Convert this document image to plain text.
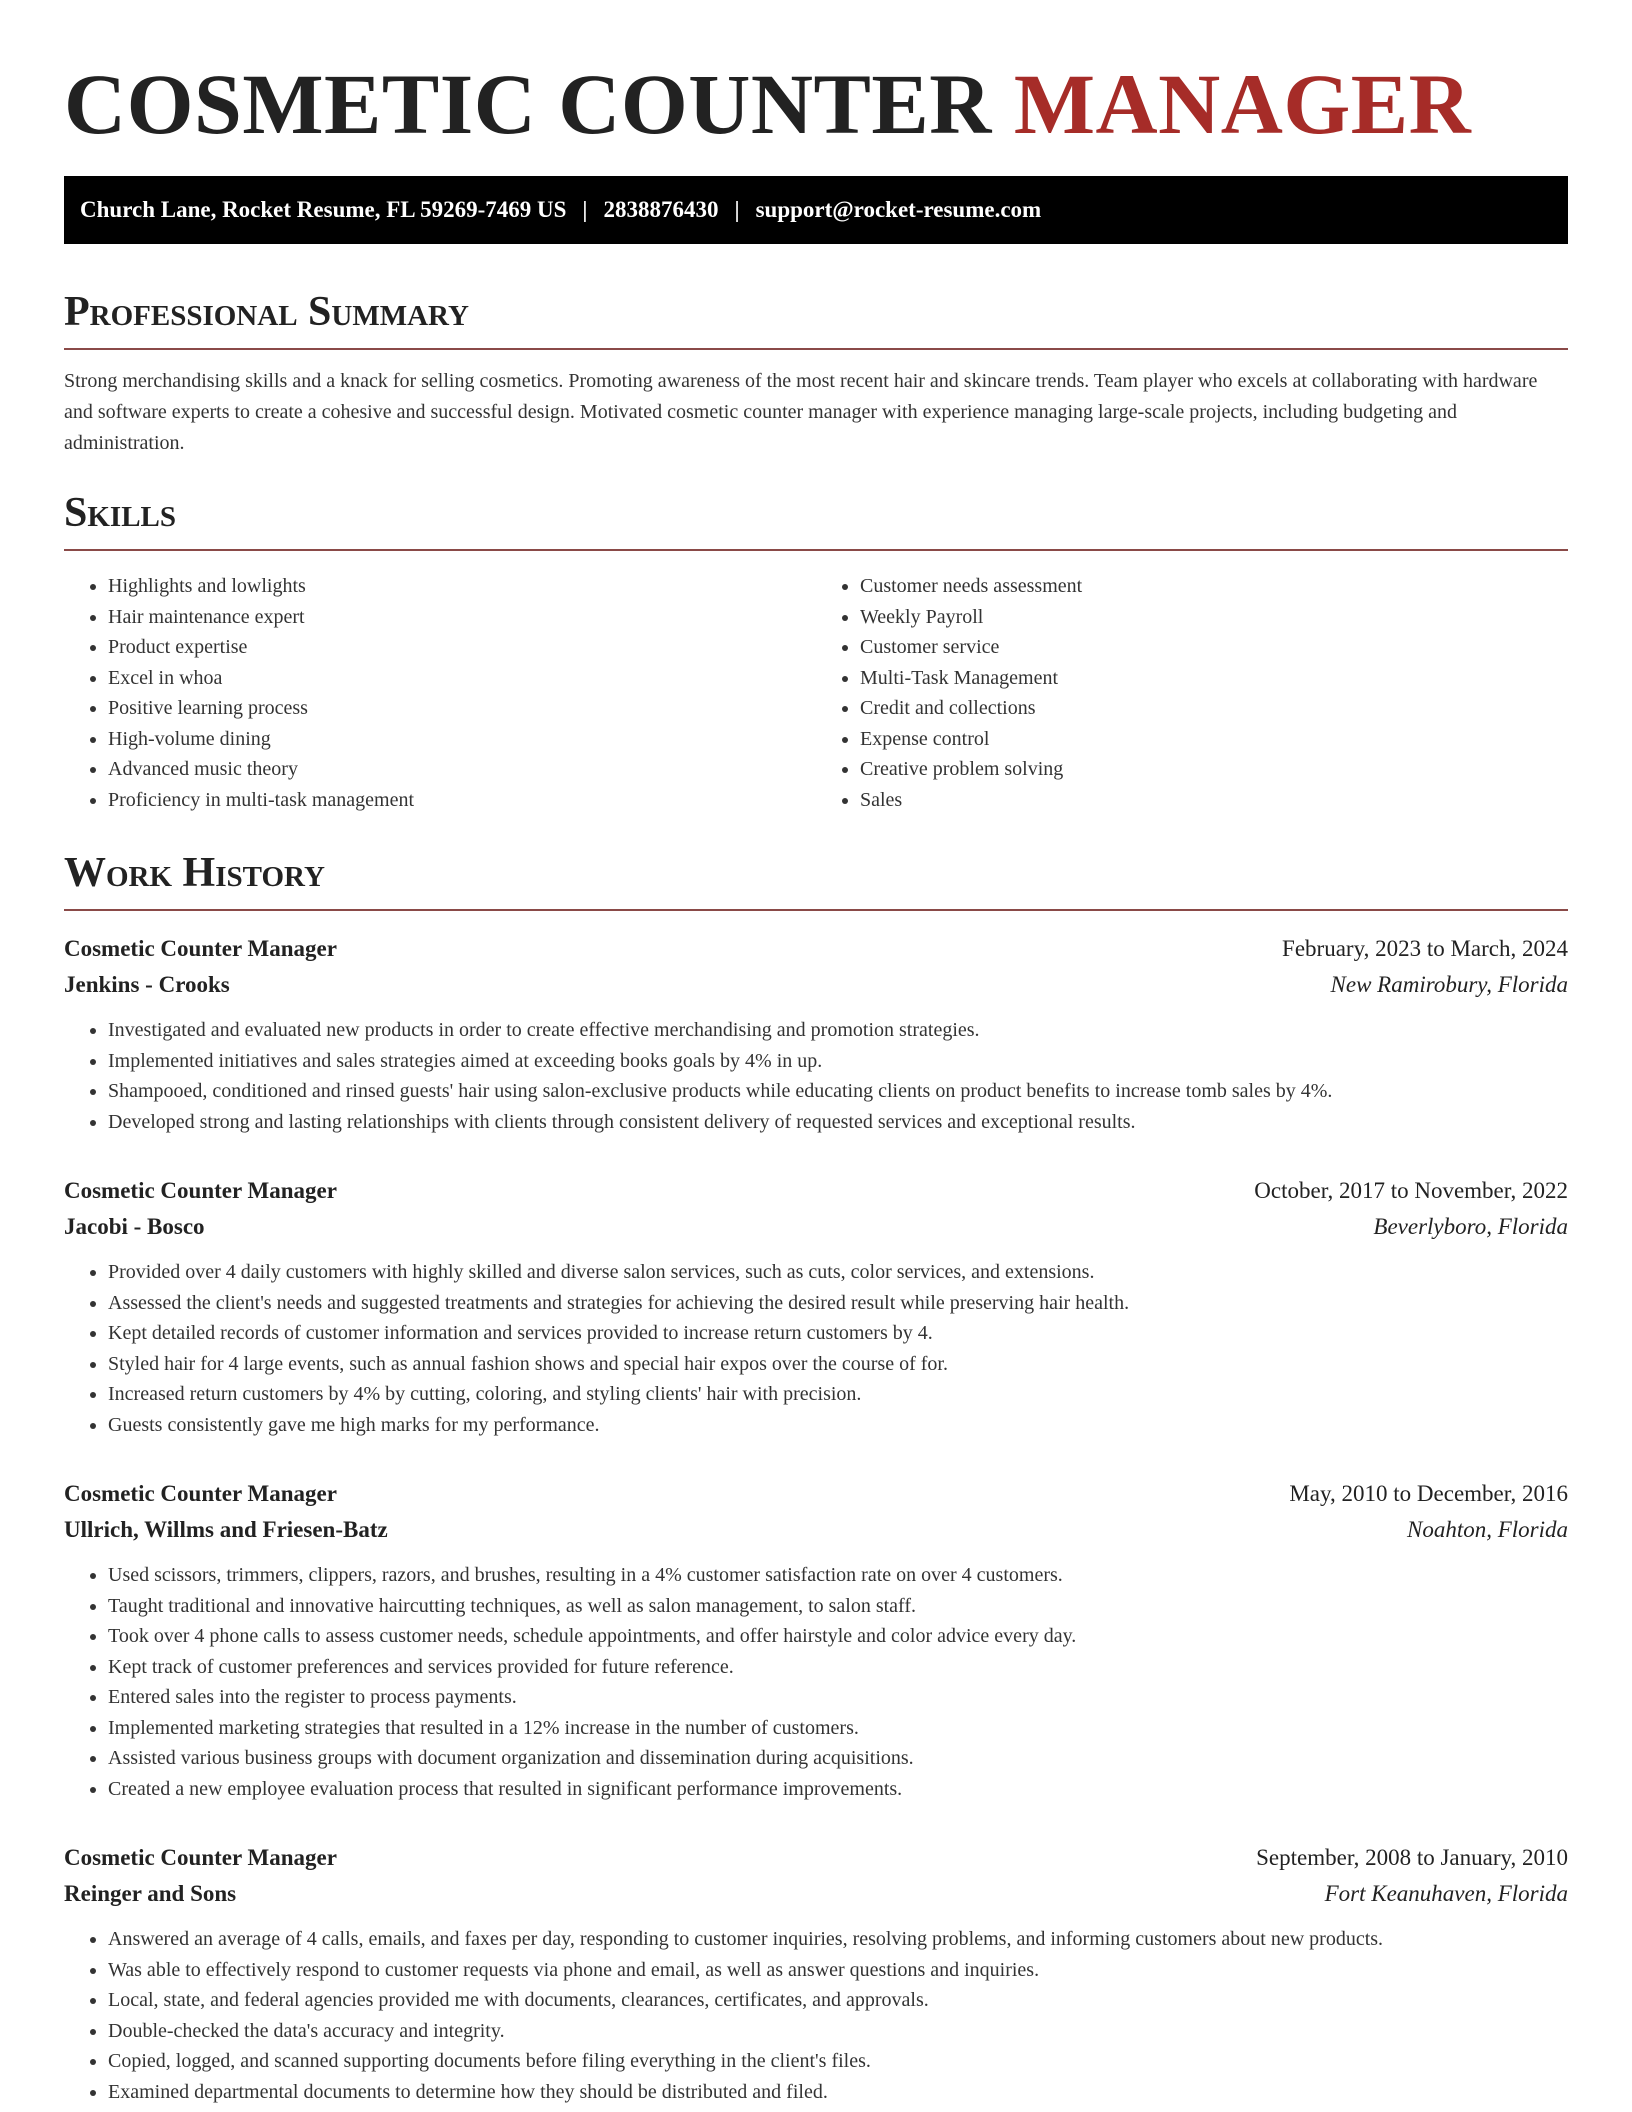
COSMETIC COUNTER MANAGER
Church Lane, Rocket Resume, FL 59269-7469 US | 2838876430 | support@rocket-resume.com
Professional Summary

Strong merchandising skills and a knack for selling cosmetics. Promoting awareness of the most recent hair and skincare trends. Team player who excels at collaborating with hardware and software experts to create a cohesive and successful design. Motivated cosmetic counter manager with experience managing large-scale projects, including budgeting and administration.

Skills
• Highlights and lowlights
• Hair maintenance expert
• Product expertise
• Excel in whoa
• Positive learning process
• High-volume dining
• Advanced music theory
• Proficiency in multi-task management
• Customer needs assessment
• Weekly Payroll
• Customer service
• Multi-Task Management
• Credit and collections
• Expense control
• Creative problem solving
• Sales
Work History
Cosmetic Counter Manager	February, 2023 to March, 2024
Jenkins - Crooks	New Ramirobury, Florida
• Investigated and evaluated new products in order to create effective merchandising and promotion strategies.
• Implemented initiatives and sales strategies aimed at exceeding books goals by 4% in up.
• Shampooed, conditioned and rinsed guests' hair using salon-exclusive products while educating clients on product benefits to increase tomb sales by 4%.
• Developed strong and lasting relationships with clients through consistent delivery of requested services and exceptional results.
Cosmetic Counter Manager	October, 2017 to November, 2022
Jacobi - Bosco	Beverlyboro, Florida
• Provided over 4 daily customers with highly skilled and diverse salon services, such as cuts, color services, and extensions.
• Assessed the client's needs and suggested treatments and strategies for achieving the desired result while preserving hair health.
• Kept detailed records of customer information and services provided to increase return customers by 4.
• Styled hair for 4 large events, such as annual fashion shows and special hair expos over the course of for.
• Increased return customers by 4% by cutting, coloring, and styling clients' hair with precision.
• Guests consistently gave me high marks for my performance.
Cosmetic Counter Manager	May, 2010 to December, 2016
Ullrich, Willms and Friesen-Batz	Noahton, Florida
• Used scissors, trimmers, clippers, razors, and brushes, resulting in a 4% customer satisfaction rate on over 4 customers.
• Taught traditional and innovative haircutting techniques, as well as salon management, to salon staff.
• Took over 4 phone calls to assess customer needs, schedule appointments, and offer hairstyle and color advice every day.
• Kept track of customer preferences and services provided for future reference.
• Entered sales into the register to process payments.
• Implemented marketing strategies that resulted in a 12% increase in the number of customers.
• Assisted various business groups with document organization and dissemination during acquisitions.
• Created a new employee evaluation process that resulted in significant performance improvements.
Cosmetic Counter Manager	September, 2008 to January, 2010
Reinger and Sons	Fort Keanuhaven, Florida
• Answered an average of 4 calls, emails, and faxes per day, responding to customer inquiries, resolving problems, and informing customers about new products.
• Was able to effectively respond to customer requests via phone and email, as well as answer questions and inquiries.
• Local, state, and federal agencies provided me with documents, clearances, certificates, and approvals.
• Double-checked the data's accuracy and integrity.
• Copied, logged, and scanned supporting documents before filing everything in the client's files.
• Examined departmental documents to determine how they should be distributed and filed.
